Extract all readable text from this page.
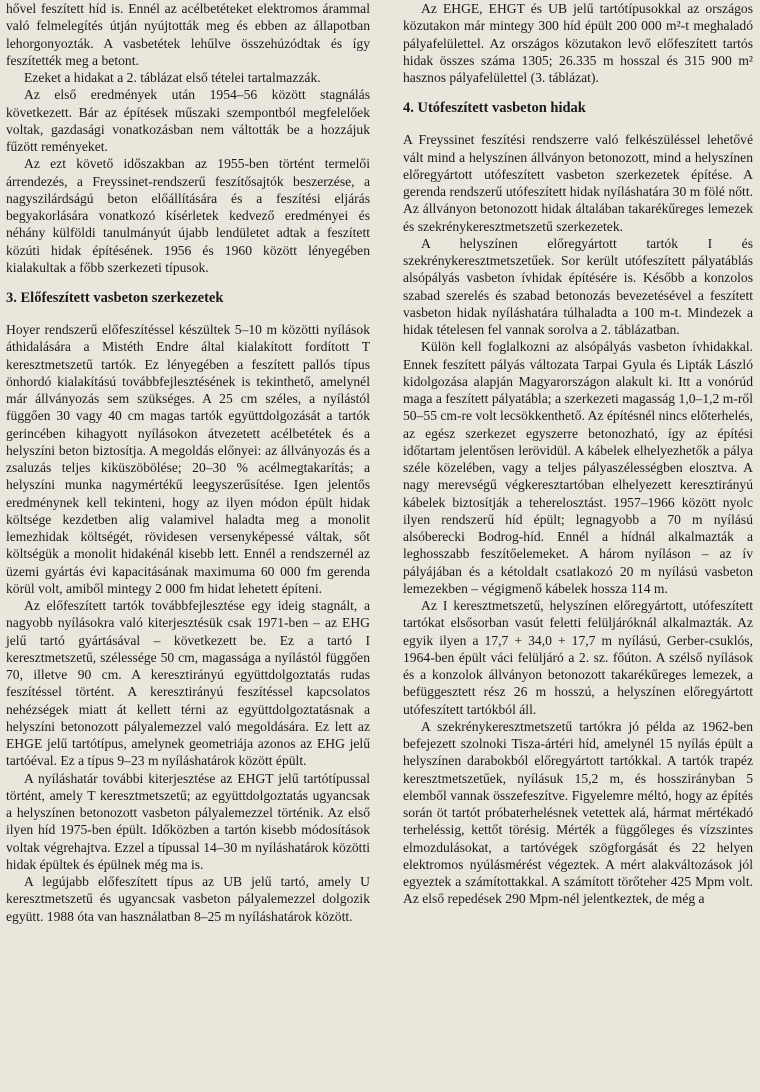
hővel feszített híd is. Ennél az acélbetéteket elektromos árammal való felmelegítés útján nyújtották meg és ebben az állapotban lehorgonyozták. A vasbetétek lehűlve összehúzódtak és így feszítették meg a betont.

Ezeket a hidakat a 2. táblázat első tételei tartalmazzák.

Az első eredmények után 1954–56 között stagnálás következett. Bár az építések műszaki szempontból megfelelőek voltak, gazdasági vonatkozásban nem váltották be a hozzájuk fűzött reményeket.

Az ezt követő időszakban az 1955-ben történt termelői árrendezés, a Freyssinet-rendszerű feszítősajtók beszerzése, a nagyszilárdságú beton előállítására és a feszítési eljárás begyakorlására vonatkozó kísérletek kedvező eredményei és néhány külföldi tanulmányút újabb lendületet adtak a feszített közúti hidak építésének. 1956 és 1960 között lényegében kialakultak a főbb szerkezeti típusok.

3. Előfeszített vasbeton szerkezetek

Hoyer rendszerű előfeszítéssel készültek 5–10 m közötti nyílások áthidalására a Mistéth Endre által kialakított fordított T keresztmetszetű tartók. Ez lényegében a feszített pallós típus önhordó kialakítású továbbfejlesztésének is tekinthető, amelynél már állványozás sem szükséges. A 25 cm széles, a nyílástól függően 30 vagy 40 cm magas tartók együttdolgozását a tartók gerincében kihagyott nyílásokon átvezetett acélbetétek és a helyszíni beton biztosítja. A megoldás előnyei: az állványozás és a zsaluzás teljes kiküszöbölése; 20–30 % acélmegtakarítás; a helyszíni munka nagymértékű leegyszerűsítése. Igen jelentős eredménynek kell tekinteni, hogy az ilyen módon épült hidak költsége kezdetben alig valamivel haladta meg a monolit lemezhidak költségét, rövidesen versenyképessé váltak, sőt költségük a monolit hidakénál kisebb lett. Ennél a rendszernél az üzemi gyártás évi kapacitásának maximuma 60 000 fm gerenda körül volt, amiből mintegy 2 000 fm hidat lehetett építeni.

Az előfeszített tartók továbbfejlesztése egy ideig stagnált, a nagyobb nyílásokra való kiterjesztésük csak 1971-ben – az EHG jelű tartó gyártásával – következett be. Ez a tartó I keresztmetszetű, szélessége 50 cm, magassága a nyílástól függően 70, illetve 90 cm. A keresztirányú együttdolgoztatás rudas feszítéssel történt. A keresztirányú feszítéssel kapcsolatos nehézségek miatt át kellett térni az együttdolgoztatásnak a helyszíni betonozott pályalemezzel való megoldására. Ez lett az EHGE jelű tartótípus, amelynek geometriája azonos az EHG jelű tartóéval. Ez a típus 9–23 m nyíláshatárok között épült.

A nyíláshatár további kiterjesztése az EHGT jelű tartótípussal történt, amely T keresztmetszetű; az együttdolgoztatás ugyancsak a helyszínen betonozott vasbeton pályalemezzel történik. Az első ilyen híd 1975-ben épült. Időközben a tartón kisebb módosítások voltak végrehajtva. Ezzel a típussal 14–30 m nyíláshatárok közötti hidak épültek és épülnek még ma is.

A legújabb előfeszített típus az UB jelű tartó, amely U keresztmetszetű és ugyancsak vasbeton pályalemezzel dolgozik együtt. 1988 óta van használatban 8–25 m nyíláshatárok között.

Az EHGE, EHGT és UB jelű tartótípusokkal az országos közutakon már mintegy 300 híd épült 200 000 m²-t meghaladó pályafelülettel. Az országos közutakon levő előfeszített tartós hidak összes száma 1305; 26.335 m hosszal és 315 900 m² hasznos pályafelülettel (3. táblázat).

4. Utófeszített vasbeton hidak

A Freyssinet feszítési rendszerre való felkészüléssel lehetővé vált mind a helyszínen állványon betonozott, mind a helyszínen előregyártott utófeszített vasbeton szerkezetek építése. A gerenda rendszerű utófeszített hidak nyíláshatára 30 m fölé nőtt. Az állványon betonozott hidak általában takarékűreges lemezek és szekrénykeresztmetszetű szerkezetek.

A helyszínen előregyártott tartók I és szekrénykeresztmetszetűek. Sor került utófeszített pályatáblás alsópályás vasbeton ívhidak építésére is. Később a konzolos szabad szerelés és szabad betonozás bevezetésével a feszített vasbeton hidak nyíláshatára túlhaladta a 100 m-t. Mindezek a hidak tételesen fel vannak sorolva a 2. táblázatban.

Külön kell foglalkozni az alsópályás vasbeton ívhidakkal. Ennek feszített pályás változata Tarpai Gyula és Lipták László kidolgozása alapján Magyarországon alakult ki. Itt a vonórúd maga a feszített pályatábla; a szerkezeti magasság 1,0–1,2 m-ről 50–55 cm-re volt lecsökkenthető. Az építésnél nincs előterhelés, az egész szerkezet egyszerre betonozható, így az építési időtartam jelentősen lerövidül. A kábelek elhelyezhetők a pálya széle közelében, vagy a teljes pályaszélességben elosztva. A nagy merevségű végkeresztartóban elhelyezett keresztirányú kábelek biztosítják a teherelosztást. 1957–1966 között nyolc ilyen rendszerű híd épült; legnagyobb a 70 m nyílású alsóberecki Bodrog-híd. Ennél a hídnál alkalmazták a leghosszabb feszítőelemeket. A három nyíláson – az ív pályájában és a kétoldalt csatlakozó 20 m nyílású vasbeton lemezekben – végigmenő kábelek hossza 114 m.

Az I keresztmetszetű, helyszínen előregyártott, utófeszített tartókat elsősorban vasút feletti felüljáróknál alkalmazták. Az egyik ilyen a 17,7 + 34,0 + 17,7 m nyílású, Gerber-csuklós, 1964-ben épült váci felüljáró a 2. sz. főúton. A szélső nyílások és a konzolok állványon betonozott takarékűreges lemezek, a befüggesztett rész 26 m hosszú, a helyszínen előregyártott utófeszített tartókból áll.

A szekrénykeresztmetszetű tartókra jó példa az 1962-ben befejezett szolnoki Tisza-ártéri híd, amelynél 15 nyílás épült a helyszínen darabokból előregyártott tartókkal. A tartók trapéz keresztmetszetűek, nyílásuk 15,2 m, és hosszirányban 5 elemből vannak összefeszítve. Figyelemre méltó, hogy az építés során öt tartót próbaterhelésnek vetettek alá, hármat mértékadó terheléssig, kettőt törésig. Mérték a függőleges és vízszintes elmozdulásokat, a tartóvégek szögforgását és 22 helyen elektromos nyúlásmérést végeztek. A mért alakváltozások jól egyeztek a számítottakkal. A számított törőteher 425 Mpm volt. Az első repedések 290 Mpm-nél jelentkeztek, de még a
